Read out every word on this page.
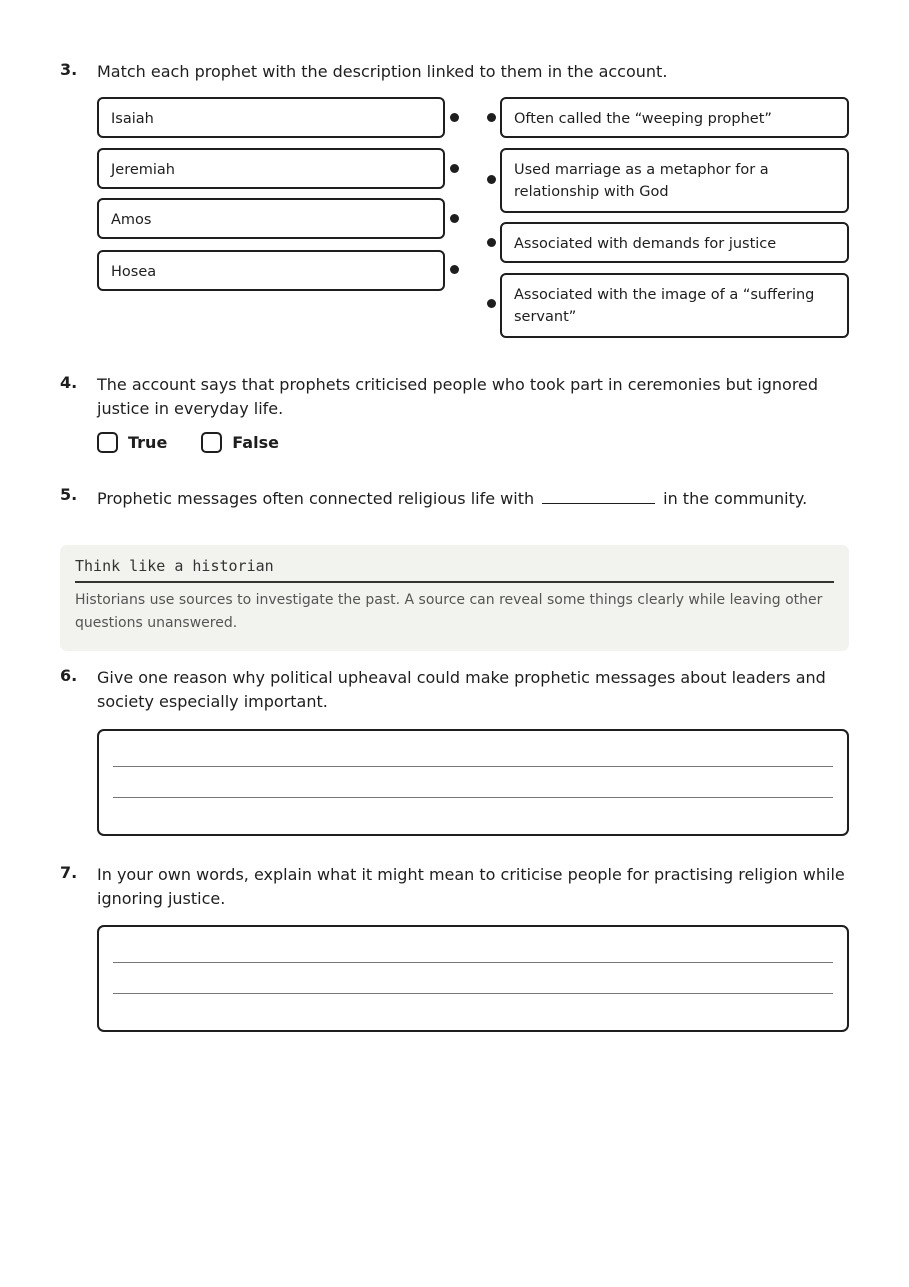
3. Match each prophet with the description linked to them in the account.
Isaiah
Jeremiah
Amos
Hosea
Often called the “weeping prophet”
Used marriage as a metaphor for a relationship with God
Associated with demands for justice
Associated with the image of a “suffering servant”
4. The account says that prophets criticised people who took part in ceremonies but ignored justice in everyday life.
True	False
5. Prophetic messages often connected religious life with	in the community.
Think like a historian
Historians use sources to investigate the past. A source can reveal some things clearly while leaving other questions unanswered.
6. Give one reason why political upheaval could make prophetic messages about leaders and society especially important.
7. In your own words, explain what it might mean to criticise people for practising religion while ignoring justice.
